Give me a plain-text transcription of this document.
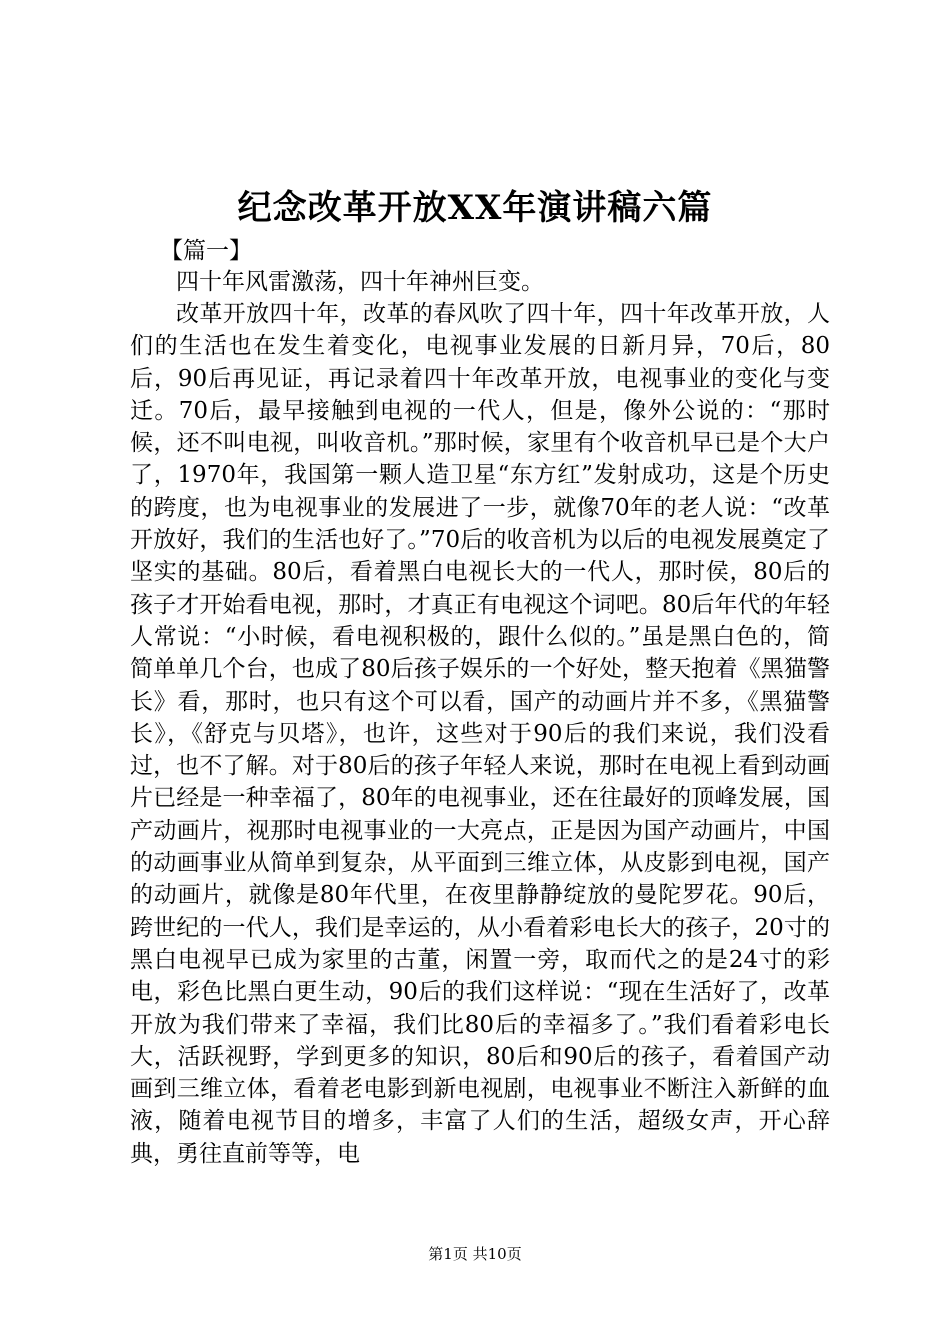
纪念改革开放XX年演讲稿六篇
【篇一】

四十年风雷激荡，四十年神州巨变。

改革开放四十年，改革的春风吹了四十年，四十年改革开放，人们的生活也在发生着变化，电视事业发展的日新月异，70后，80后，90后再见证，再记录着四十年改革开放，电视事业的变化与变迁。70后，最早接触到电视的一代人，但是，像外公说的：“那时候，还不叫电视，叫收音机。”那时候，家里有个收音机早已是个大户了，1970年，我国第一颗人造卫星“东方红”发射成功，这是个历史的跨度，也为电视事业的发展进了一步，就像70年的老人说：“改革开放好，我们的生活也好了。”70后的收音机为以后的电视发展奠定了坚实的基础。80后，看着黑白电视长大的一代人，那时侯，80后的孩子才开始看电视，那时，才真正有电视这个词吧。80后年代的年轻人常说：“小时候，看电视积极的，跟什么似的。”虽是黑白色的，简简单单几个台，也成了80后孩子娱乐的一个好处，整天抱着《黑猫警长》看，那时，也只有这个可以看，国产的动画片并不多，《黑猫警长》，《舒克与贝塔》，也许，这些对于90后的我们来说，我们没看过，也不了解。对于80后的孩子年轻人来说，那时在电视上看到动画片已经是一种幸福了，80年的电视事业，还在往最好的顶峰发展，国产动画片，视那时电视事业的一大亮点，正是因为国产动画片，中国的动画事业从简单到复杂，从平面到三维立体，从皮影到电视，国产的动画片，就像是80年代里，在夜里静静绽放的曼陀罗花。90后，跨世纪的一代人，我们是幸运的，从小看着彩电长大的孩子，20寸的黑白电视早已成为家里的古董，闲置一旁，取而代之的是24寸的彩电，彩色比黑白更生动，90后的我们这样说：“现在生活好了，改革开放为我们带来了幸福，我们比80后的幸福多了。”我们看着彩电长大，活跃视野，学到更多的知识，80后和90后的孩子，看着国产动画到三维立体，看着老电影到新电视剧，电视事业不断注入新鲜的血液，随着电视节目的增多，丰富了人们的生活，超级女声，开心辞典，勇往直前等等，电

第1页 共10页
